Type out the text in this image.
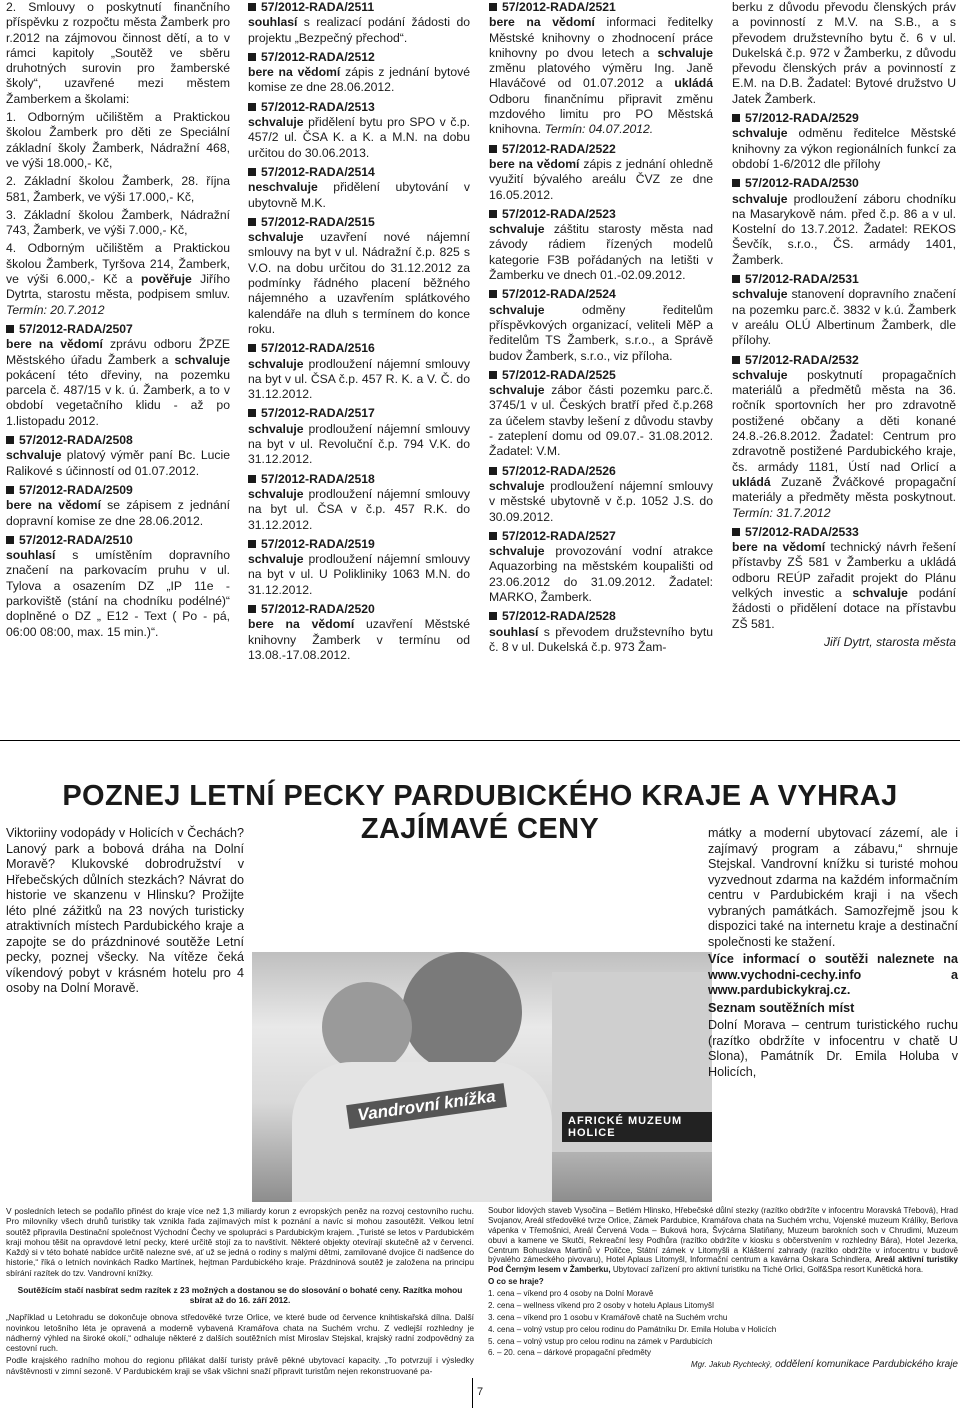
2. Smlouvy o poskytnutí finančního příspěvku z rozpočtu města Žamberk pro r.2012 na zájmovou činnost dětí, a to v rámci kapitoly „Soutěž ve sběru druhotných surovin pro žamberské školy“, uzavřené mezi městem Žamberkem a školami:

1. Odborným učilištěm a Praktickou školou Žamberk pro děti ze Speciální základní školy Žamberk, Nádražní 468, ve výši 18.000,- Kč,

2. Základní školou Žamberk, 28. října 581, Žamberk, ve výši 17.000,- Kč,

3. Základní školou Žamberk, Nádražní 743, Žamberk, ve výši 7.000,- Kč,

4. Odborným učilištěm a Praktickou školou Žamberk, Tyršova 214, Žamberk, ve výši 6.000,- Kč a pověřuje Jiřího Dytrta, starostu města, podpisem smluv. Termín: 20.7.2012

57/2012-RADA/2507

bere na vědomí zprávu odboru ŽPZE Městského úřadu Žamberk a schvaluje pokácení této dřeviny, na pozemku parcela č. 487/15 v k. ú. Žamberk, a to v období vegetačního klidu - až po 1.listopadu 2012.

57/2012-RADA/2508

schvaluje platový výměr paní Bc. Lucie Ralikové s účinností od 01.07.2012.

57/2012-RADA/2509

bere na vědomí se zápisem z jednání dopravní komise ze dne 28.06.2012.

57/2012-RADA/2510

souhlasí s umístěním dopravního značení na parkovacím pruhu v ul. Tylova a osazením DZ „IP 11e - parkoviště (stání na chodníku podélné)“ doplněné o DZ „ E12 - Text ( Po - pá, 06:00 08:00, max. 15 min.)“.

57/2012-RADA/2511

souhlasí s realizací podání žádosti do projektu „Bezpečný přechod“.

57/2012-RADA/2512

bere na vědomí zápis z jednání bytové komise ze dne 28.06.2012.

57/2012-RADA/2513

schvaluje přidělení bytu pro SPO v č.p. 457/2 ul. ČSA K. a K. a M.N. na dobu určitou do 30.06.2013.

57/2012-RADA/2514

neschvaluje přidělení ubytování v ubytovně M.K.

57/2012-RADA/2515

schvaluje uzavření nové nájemní smlouvy na byt v ul. Nádražní č.p. 825 s V.O. na dobu určitou do 31.12.2012 za podmínky řádného placení běžného nájemného a uzavřením splátkového kalendáře na dluh s termínem do konce roku.

57/2012-RADA/2516

schvaluje prodloužení nájemní smlouvy na byt v ul. ČSA č.p. 457 R. K. a V. Č. do 31.12.2012.

57/2012-RADA/2517

schvaluje prodloužení nájemní smlouvy na byt v ul. Revoluční č.p. 794 V.K. do 31.12.2012.

57/2012-RADA/2518

schvaluje prodloužení nájemní smlouvy na byt ul. ČSA v č.p. 457 R.K. do 31.12.2012.

57/2012-RADA/2519

schvaluje prodloužení nájemní smlouvy na byt v ul. U Polikliniky 1063 M.N. do 31.12.2012.

57/2012-RADA/2520

bere na vědomí uzavření Městské knihovny Žamberk v termínu od 13.08.-17.08.2012.

57/2012-RADA/2521

bere na vědomí informaci ředitelky Městské knihovny o zhodnocení práce knihovny po dvou letech a schvaluje změnu platového výměru Ing. Janě Hlaváčové od 01.07.2012 a ukládá Odboru finančnímu připravit změnu mzdového limitu pro PO Městská knihovna. Termín: 04.07.2012.

57/2012-RADA/2522

bere na vědomí zápis z jednání ohledně využití bývalého areálu ČVZ ze dne 16.05.2012.

57/2012-RADA/2523

schvaluje záštitu starosty města nad závody rádiem řízených modelů kategorie F3B pořádaných na letišti v Žamberku ve dnech 01.-02.09.2012.

57/2012-RADA/2524

schvaluje odměny ředitelům příspěvkových organizací, veliteli MěP a ředitelům TS Žamberk, s.r.o., a Správě budov Žamberk, s.r.o., viz příloha.

57/2012-RADA/2525

schvaluje zábor části pozemku parc.č. 3745/1 v ul. Českých bratří před č.p.268 za účelem stavby lešení z důvodu stavby - zateplení domu od 09.07.- 31.08.2012. Žadatel: V.M.

57/2012-RADA/2526

schvaluje prodloužení nájemní smlouvy v městské ubytovně v č.p. 1052 J.S. do 30.09.2012.

57/2012-RADA/2527

schvaluje provozování vodní atrakce Aquazorbing na městském koupališti od 23.06.2012 do 31.09.2012. Žadatel: MARKO, Žamberk.

57/2012-RADA/2528

souhlasí s převodem družstevního bytu č. 8 v ul. Dukelská č.p. 973 Žam-

berku z důvodu převodu členských práv a povinností z M.V. na S.B., a s převodem družstevního bytu č. 6 v ul. Dukelská č.p. 972 v Žamberku, z důvodu převodu členských práv a povinností z E.M. na D.B. Žadatel: Bytové družstvo U Jatek Žamberk.

57/2012-RADA/2529

schvaluje odměnu ředitelce Městské knihovny za výkon regionálních funkcí za období 1-6/2012 dle přílohy

57/2012-RADA/2530

schvaluje prodloužení záboru chodníku na Masarykově nám. před č.p. 86 a v ul. Kostelní do 13.7.2012. Žadatel: REKOS Ševčík, s.r.o., ČS. armády 1401, Žamberk.

57/2012-RADA/2531

schvaluje stanovení dopravního značení na pozemku parc.č. 3832 v k.ú. Žamberk v areálu OLÚ Albertinum Žamberk, dle přílohy.

57/2012-RADA/2532

schvaluje poskytnutí propagačních materiálů a předmětů města na 36. ročník sportovních her pro zdravotně postižené občany a děti konané 24.8.-26.8.2012. Žadatel: Centrum pro zdravotně postižené Pardubického kraje, čs. armády 1181, Ústí nad Orlicí a ukládá Zuzaně Žváčkové propagační materiály a předměty města poskytnout. Termín: 31.7.2012

57/2012-RADA/2533

bere na vědomí technický návrh řešení přístavby ZŠ 581 v Žamberku a ukládá odboru REÚP zařadit projekt do Plánu velkých investic a schvaluje podání žádosti o přidělení dotace na přístavbu ZŠ 581.

Jiří Dytrt, starosta města

POZNEJ LETNÍ PECKY PARDUBICKÉHO KRAJE A VYHRAJ ZAJÍMAVÉ CENY

Viktoriiny vodopády v Holicích v Čechách? Lanový park a bobová dráha na Dolní Moravě? Klukovské dobrodružství v Hřebečských důlních stezkách? Návrat do historie ve skanzenu v Hlinsku? Prožijte léto plné zážitků na 23 nových turisticky atraktivních místech Pardubického kraje a zapojte se do prázdninové soutěže Letní pecky, poznej všecky. Na vítěze čeká víkendový pobyt v krásném hotelu pro 4 osoby na Dolní Moravě.

Vandrovní knížka	AFRICKÉ MUZEUM HOLICE

mátky a moderní ubytovací zázemí, ale i zajímavý program a zábavu,“ shrnuje Stejskal. Vandrovní knížku si turisté mohou vyzvednout zdarma na každém informačním centru v Pardubickém kraji i na všech vybraných památkách. Samozřejmě jsou k dispozici také na internetu kraje a destinační společnosti ke stažení.

Více informací o soutěži naleznete na www.vychodni-cechy.info a www.pardubickykraj.cz.

Seznam soutěžních míst

Dolní Morava – centrum turistického ruchu (razítko obdržíte v infocentru v chatě U Slona), Památník Dr. Emila Holuba v Holicích,

V posledních letech se podařilo přinést do kraje více než 1,3 miliardy korun z evropských peněz na rozvoj cestovního ruchu. Pro milovníky všech druhů turistiky tak vznikla řada zajímavých míst k poznání a navíc si mohou zasoutěžit. Velkou letní soutěž připravila Destinační společnost Východní Čechy ve spolupráci s Pardubickým krajem. „Turisté se letos v Pardubickém kraji mohou těšit na opravdové letní pecky, které určitě stojí za to navštívit. Některé objekty otevírají skutečně až v červenci. Každý si v této bohaté nabídce určitě nalezne své, ať už se jedná o rodiny s malými dětmi, zamilované dvojice či nadšence do historie,“ říká o letních novinkách Radko Martínek, hejtman Pardubického kraje. Prázdninová soutěž je založena na principu sbírání razítek do tzv. Vandrovní knížky.

Soutěžícím stačí nasbírat sedm razítek z 23 možných a dostanou se do slosování o bohaté ceny. Razítka mohou sbírat až do 16. září 2012.

„Například u Letohradu se dokončuje obnova středověké tvrze Orlice, ve které bude od července knihtiskařská dílna. Další novinkou letošního léta je opravená a moderně vybavená Kramářova chata na Suchém vrchu. Z vedlejší rozhledny je nádherný výhled na široké okolí,“ odhaluje některé z dalších soutěžních míst Miroslav Stejskal, krajský radní zodpovědný za cestovní ruch.

Podle krajského radního mohou do regionu přilákat další turisty právě pěkné ubytovací kapacity. „To potvrzují i výsledky návštěvnosti v zimní sezoně. V Pardubickém kraji se však všichni snaží připravit turistům nejen rekonstruované pa-

Soubor lidových staveb Vysočina – Betlém Hlinsko, Hřebečské důlní stezky (razítko obdržíte v infocentru Moravská Třebová), Hrad Svojanov, Areál středověké tvrze Orlice, Zámek Pardubice, Kramářova chata na Suchém vrchu, Vojenské muzeum Králíky, Berlova vápenka v Třemošnici, Areál Červená Voda – Buková hora, Švýcárna Slatiňany, Muzeum barokních soch v Chrudimi, Muzeum obuvi a kamene ve Skutči, Rekreační lesy Podhůra (razítko obdržíte v kiosku s občerstvením v rozhledny Bára), Hotel Jezerka, Centrum Bohuslava Martinů v Poličce, Státní zámek v Litomyšli a Klášterní zahrady (razítko obdržíte v infocentru v budově bývalého zámeckého pivovaru), Hotel Aplaus Litomyšl, Informační centrum a kavárna Oskara Schindlera, Areál aktivní turistiky Pod Černým lesem v Žamberku, Ubytovací zařízení pro aktivní turistiku na Tiché Orlici, Golf&Spa resort Kunětická hora.

O co se hraje?

1. cena – víkend pro 4 osoby na Dolní Moravě

2. cena – wellness víkend pro 2 osoby v hotelu Aplaus Litomyšl

3. cena – víkend pro 1 osobu v Kramářově chatě na Suchém vrchu

4. cena – volný vstup pro celou rodinu do Památníku Dr. Emila Holuba v Holicích

5. cena – volný vstup pro celou rodinu na zámek v Pardubicích

6. – 20. cena – dárkové propagační předměty

Mgr. Jakub Rychtecký, oddělení komunikace Pardubického kraje

7
